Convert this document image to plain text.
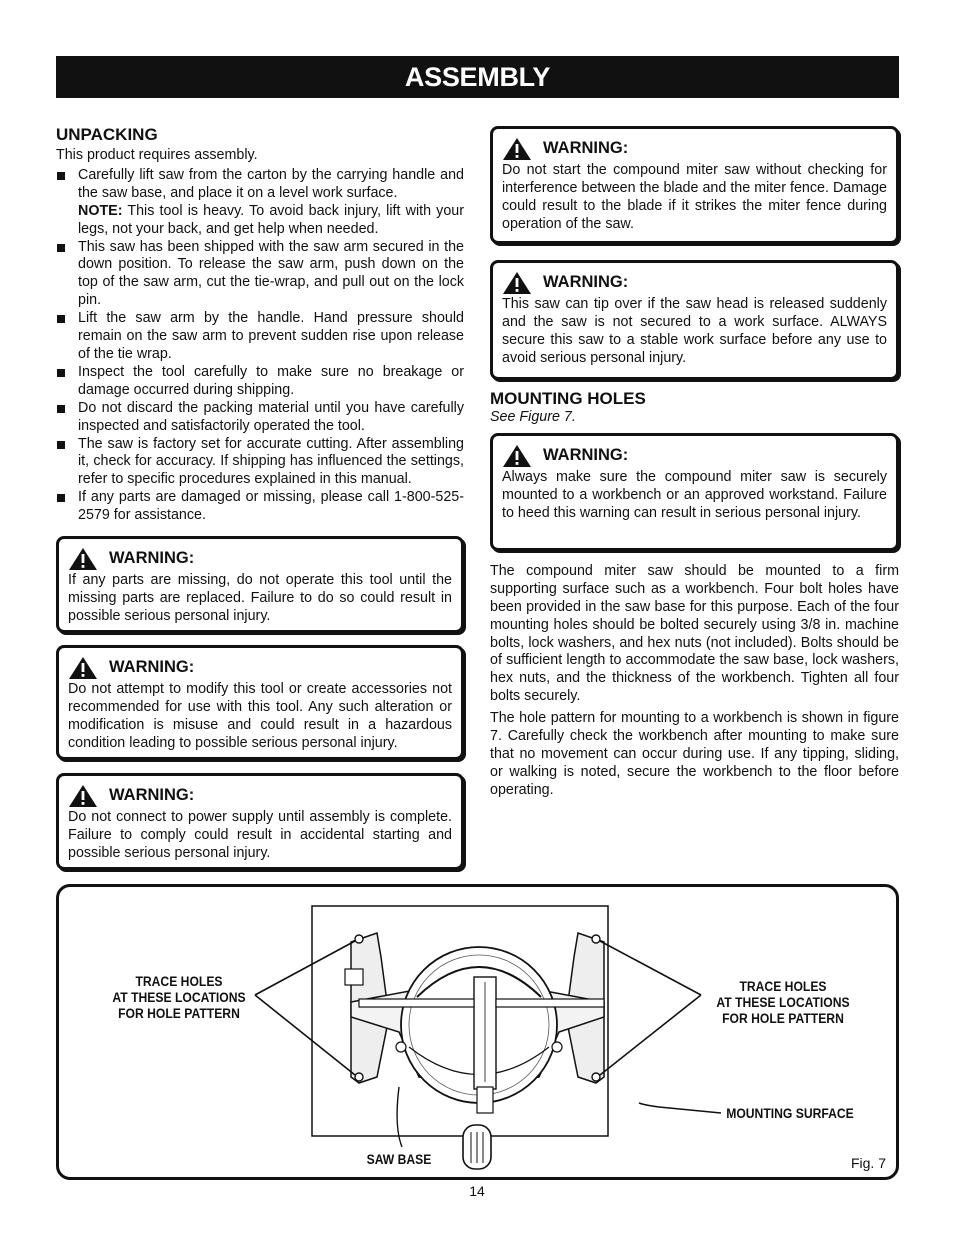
ASSEMBLY
UNPACKING
This product requires assembly.
Carefully lift saw from the carton by the carrying handle and the saw base, and place it on a level work surface.
NOTE: This tool is heavy. To avoid back injury, lift with your legs, not your back, and get help when needed.
This saw has been shipped with the saw arm secured in the down position. To release the saw arm, push down on the top of the saw arm, cut the tie-wrap, and pull out on the lock pin.
Lift the saw arm by the handle. Hand pressure should remain on the saw arm to prevent sudden rise upon release of the tie wrap.
Inspect the tool carefully to make sure no breakage or damage occurred during shipping.
Do not discard the packing material until you have carefully inspected and satisfactorily operated the tool.
The saw is factory set for accurate cutting. After assembling it, check for accuracy. If shipping has influenced the settings, refer to specific procedures explained in this manual.
If any parts are damaged or missing, please call 1-800-525-2579 for assistance.
WARNING:
If any parts are missing, do not operate this tool until the missing parts are replaced. Failure to do so could result in possible serious personal injury.
WARNING:
Do not attempt to modify this tool or create accessories not recommended for use with this tool. Any such alteration or modification is misuse and could result in a hazardous condition leading to possible serious personal injury.
WARNING:
Do not connect to power supply until assembly is complete. Failure to comply could result in accidental starting and possible serious personal injury.
WARNING:
Do not start the compound miter saw without checking for interference between the blade and the miter fence. Damage could result to the blade if it strikes the miter fence during operation of the saw.
WARNING:
This saw can tip over if the saw head is released suddenly and the saw is not secured to a work surface. ALWAYS secure this saw to a stable work surface before any use to avoid serious personal injury.
MOUNTING HOLES
See Figure 7.
WARNING:
Always make sure the compound miter saw is securely mounted to a workbench or an approved workstand. Failure to heed this warning can result in serious personal injury.

The compound miter saw should be mounted to a firm supporting surface such as a workbench. Four bolt holes have been provided in the saw base for this purpose. Each of the four mounting holes should be bolted securely using 3/8 in. machine bolts, lock washers, and hex nuts (not included). Bolts should be of sufficient length to accommodate the saw base, lock washers, hex nuts, and the thickness of the workbench. Tighten all four bolts securely.

The hole pattern for mounting to a workbench is shown in figure 7. Carefully check the workbench after mounting to make sure that no movement can occur during use. If any tipping, sliding, or walking is noted, secure the workbench to the floor before operating.

TRACE HOLES
AT THESE LOCATIONS
FOR HOLE PATTERN
TRACE HOLES
AT THESE LOCATIONS
FOR HOLE PATTERN
MOUNTING SURFACE
SAW BASE	Fig. 7
14
